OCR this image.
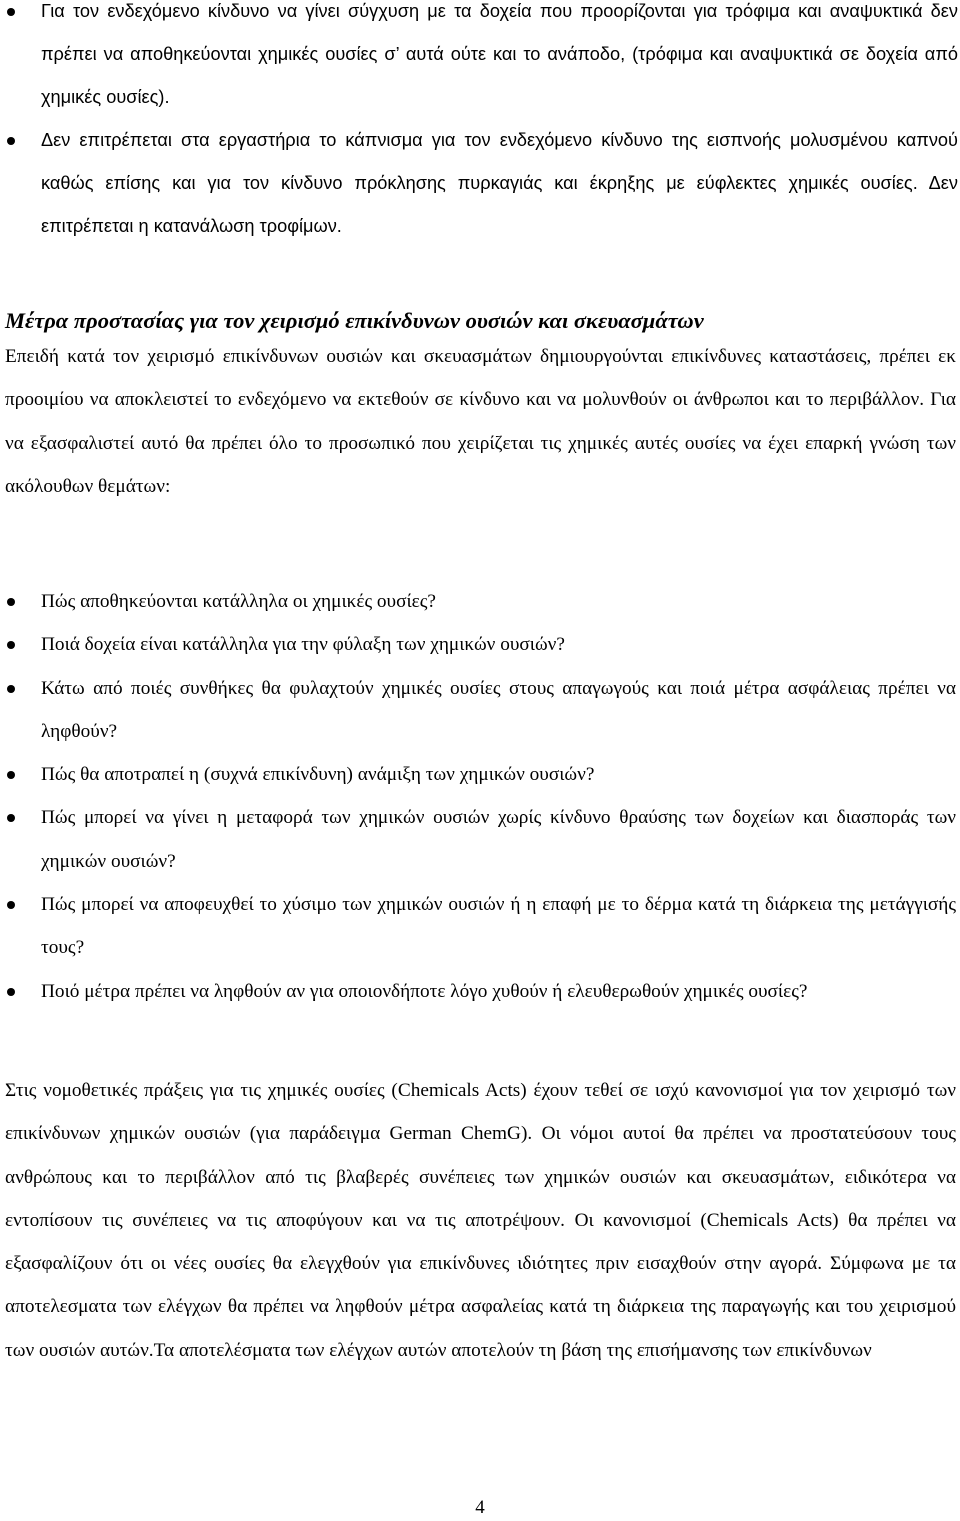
Για τον ενδεχόμενο κίνδυνο να γίνει σύγχυση με τα δοχεία που προορίζονται για τρόφιμα και αναψυκτικά δεν πρέπει να αποθηκεύονται χημικές ουσίες σ’ αυτά ούτε και το ανάποδο, (τρόφιμα και αναψυκτικά σε δοχεία από χημικές ουσίες).

Δεν επιτρέπεται στα εργαστήρια το κάπνισμα για τον ενδεχόμενο κίνδυνο της εισπνοής μολυσμένου καπνού καθώς επίσης και για τον κίνδυνο πρόκλησης πυρκαγιάς και έκρηξης με εύφλεκτες χημικές ουσίες. Δεν επιτρέπεται η κατανάλωση τροφίμων.

Μέτρα προστασίας για τον χειρισμό επικίνδυνων ουσιών και σκευασμάτων

Επειδή κατά τον χειρισμό επικίνδυνων ουσιών και σκευασμάτων δημιουργούνται επικίνδυνες καταστάσεις, πρέπει εκ προοιμίου να αποκλειστεί το ενδεχόμενο να εκτεθούν σε κίνδυνο και να μολυνθούν οι άνθρωποι και το περιβάλλον. Για να εξασφαλιστεί αυτό θα πρέπει όλο το προσωπικό που χειρίζεται τις χημικές αυτές ουσίες να έχει επαρκή γνώση των ακόλουθων θεμάτων:

Πώς αποθηκεύονται κατάλληλα οι χημικές ουσίες?

Ποιά δοχεία είναι κατάλληλα για την φύλαξη των χημικών ουσιών?

Κάτω από ποιές συνθήκες θα φυλαχτούν χημικές ουσίες στους απαγωγούς και ποιά μέτρα ασφάλειας πρέπει να ληφθούν?

Πώς θα αποτραπεί η (συχνά επικίνδυνη) ανάμιξη των χημικών ουσιών?

Πώς μπορεί να γίνει η μεταφορά των χημικών ουσιών χωρίς κίνδυνο θραύσης των δοχείων και διασποράς των χημικών ουσιών?

Πώς μπορεί να αποφευχθεί το χύσιμο των χημικών ουσιών ή η επαφή με το δέρμα κατά τη διάρκεια της μετάγγισής τους?

Ποιό μέτρα πρέπει να ληφθούν αν για οποιονδήποτε λόγο χυθούν ή ελευθερωθούν χημικές ουσίες?

Στις νομοθετικές πράξεις για τις χημικές ουσίες (Chemicals Acts) έχουν τεθεί σε ισχύ κανονισμοί για τον χειρισμό των επικίνδυνων χημικών ουσιών (για παράδειγμα German ChemG). Οι νόμοι αυτοί θα πρέπει να προστατεύσουν τους ανθρώπους και το περιβάλλον από τις βλαβερές συνέπειες των χημικών ουσιών και σκευασμάτων, ειδικότερα να εντοπίσουν τις συνέπειες να τις αποφύγουν και να τις αποτρέψουν. Οι κανονισμοί (Chemicals Acts) θα πρέπει να εξασφαλίζουν ότι οι νέες ουσίες θα ελεγχθούν για επικίνδυνες ιδιότητες πριν εισαχθούν στην αγορά. Σύμφωνα με τα αποτελεσματα των ελέγχων θα πρέπει να ληφθούν μέτρα ασφαλείας κατά τη διάρκεια της παραγωγής και του χειρισμού των ουσιών αυτών.Τα αποτελέσματα των ελέγχων αυτών αποτελούν τη βάση της επισήμανσης των επικίνδυνων

4
